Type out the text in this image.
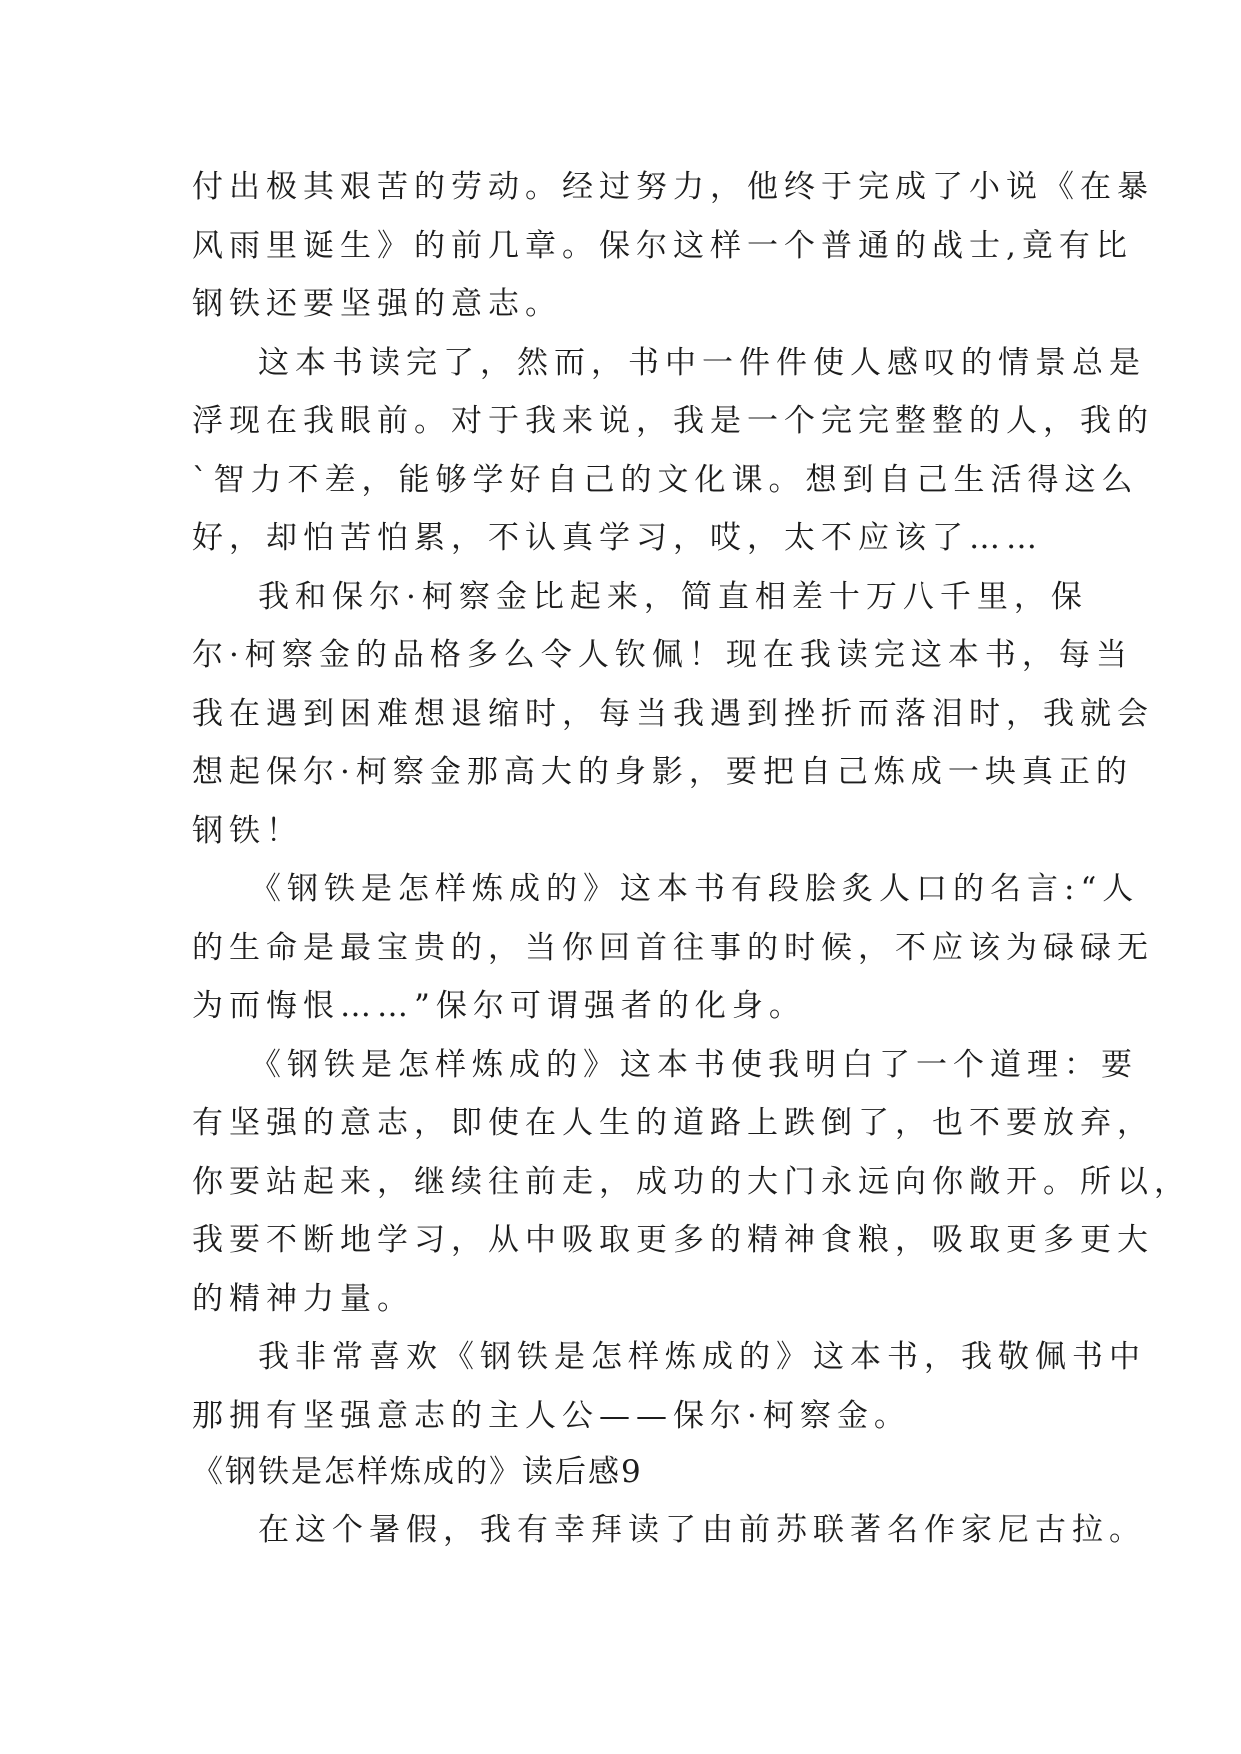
付出极其艰苦的劳动。经过努力，他终于完成了小说《在暴
风雨里诞生》的前几章。保尔这样一个普通的战士,竟有比
钢铁还要坚强的意志。
这本书读完了，然而，书中一件件使人感叹的情景总是
浮现在我眼前。对于我来说，我是一个完完整整的人，我的
`智力不差，能够学好自己的文化课。想到自己生活得这么
好，却怕苦怕累，不认真学习，哎，太不应该了……
我和保尔·柯察金比起来，简直相差十万八千里，保
尔·柯察金的品格多么令人钦佩！现在我读完这本书，每当
我在遇到困难想退缩时，每当我遇到挫折而落泪时，我就会
想起保尔·柯察金那高大的身影，要把自己炼成一块真正的
钢铁！
《钢铁是怎样炼成的》这本书有段脍炙人口的名言:“人
的生命是最宝贵的，当你回首往事的时候，不应该为碌碌无
为而悔恨……”保尔可谓强者的化身。
《钢铁是怎样炼成的》这本书使我明白了一个道理：要
有坚强的意志，即使在人生的道路上跌倒了，也不要放弃，
你要站起来，继续往前走，成功的大门永远向你敞开。所以，
我要不断地学习，从中吸取更多的精神食粮，吸取更多更大
的精神力量。
我非常喜欢《钢铁是怎样炼成的》这本书，我敬佩书中
那拥有坚强意志的主人公——保尔·柯察金。
《钢铁是怎样炼成的》读后感9
在这个暑假，我有幸拜读了由前苏联著名作家尼古拉。
